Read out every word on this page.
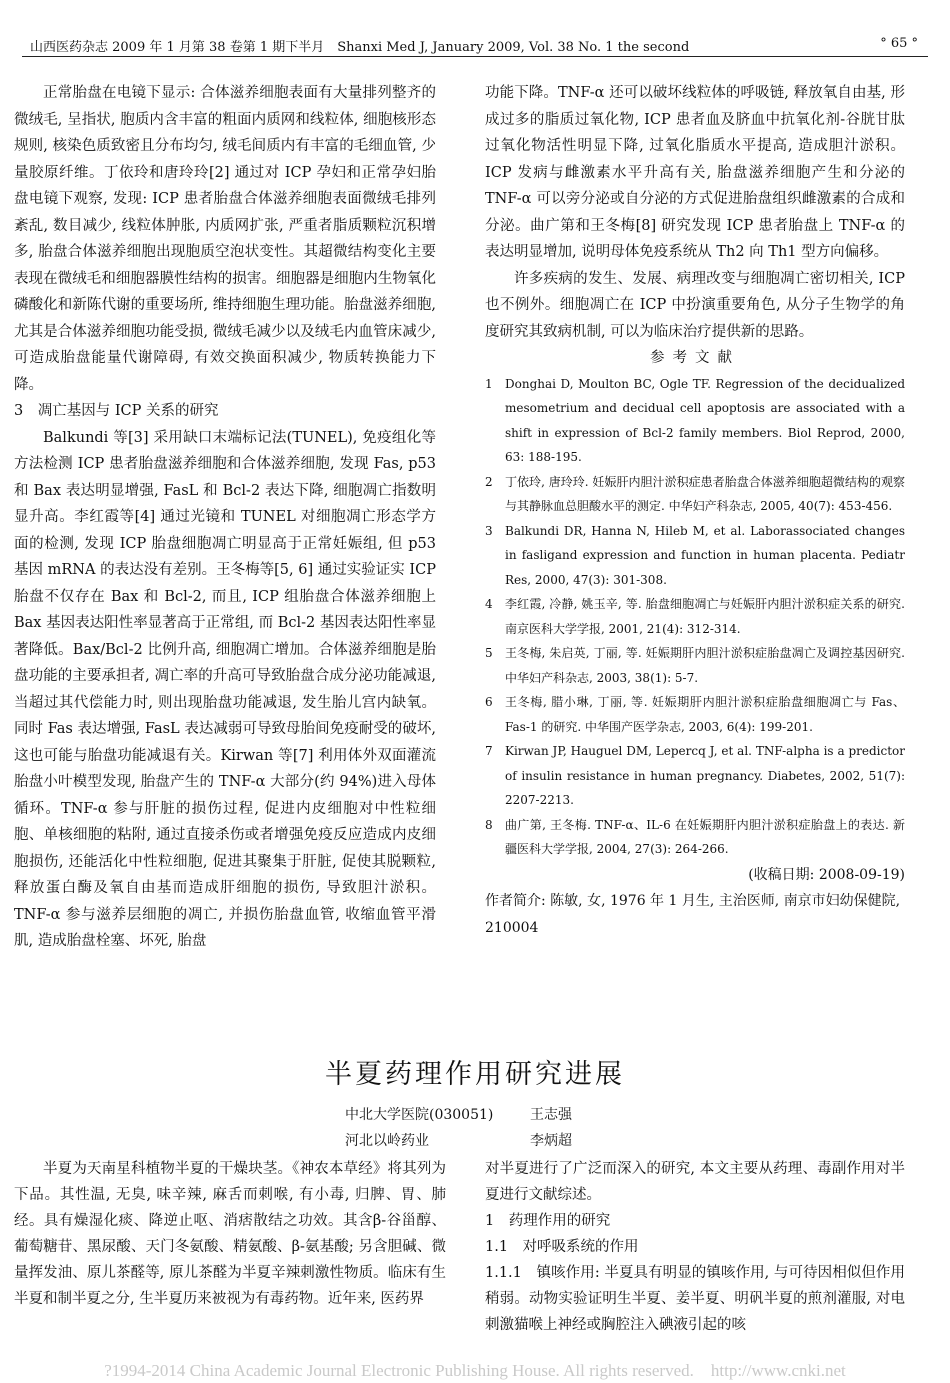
山西医药杂志 2009 年 1 月第 38 卷第 1 期下半月　Shanxi Med J, January 2009, Vol. 38 No. 1 the second	° 65 °

正常胎盘在电镜下显示: 合体滋养细胞表面有大量排列整齐的微绒毛, 呈指状, 胞质内含丰富的粗面内质网和线粒体, 细胞核形态规则, 核染色质致密且分布均匀, 绒毛间质内有丰富的毛细血管, 少量胶原纤维。丁依玲和唐玲玲[2] 通过对 ICP 孕妇和正常孕妇胎盘电镜下观察, 发现: ICP 患者胎盘合体滋养细胞表面微绒毛排列紊乱, 数目减少, 线粒体肿胀, 内质网扩张, 严重者脂质颗粒沉积增多, 胎盘合体滋养细胞出现胞质空泡状变性。其超微结构变化主要表现在微绒毛和细胞器膜性结构的损害。细胞器是细胞内生物氧化磷酸化和新陈代谢的重要场所, 维持细胞生理功能。胎盘滋养细胞, 尤其是合体滋养细胞功能受损, 微绒毛减少以及绒毛内血管床减少, 可造成胎盘能量代谢障碍, 有效交换面积减少, 物质转换能力下降。

3　凋亡基因与 ICP 关系的研究

Balkundi 等[3] 采用缺口末端标记法(TUNEL), 免疫组化等方法检测 ICP 患者胎盘滋养细胞和合体滋养细胞, 发现 Fas, p53 和 Bax 表达明显增强, FasL 和 Bcl-2 表达下降, 细胞凋亡指数明显升高。李红霞等[4] 通过光镜和 TUNEL 对细胞凋亡形态学方面的检测, 发现 ICP 胎盘细胞凋亡明显高于正常妊娠组, 但 p53 基因 mRNA 的表达没有差别。王冬梅等[5, 6] 通过实验证实 ICP 胎盘不仅存在 Bax 和 Bcl-2, 而且, ICP 组胎盘合体滋养细胞上 Bax 基因表达阳性率显著高于正常组, 而 Bcl-2 基因表达阳性率显著降低。Bax/Bcl-2 比例升高, 细胞凋亡增加。合体滋养细胞是胎盘功能的主要承担者, 凋亡率的升高可导致胎盘合成分泌功能减退, 当超过其代偿能力时, 则出现胎盘功能减退, 发生胎儿宫内缺氧。同时 Fas 表达增强, FasL 表达减弱可导致母胎间免疫耐受的破坏, 这也可能与胎盘功能减退有关。Kirwan 等[7] 利用体外双面灌流胎盘小叶模型发现, 胎盘产生的 TNF-α 大部分(约 94%)进入母体循环。TNF-α 参与肝脏的损伤过程, 促进内皮细胞对中性粒细胞、单核细胞的粘附, 通过直接杀伤或者增强免疫反应造成内皮细胞损伤, 还能活化中性粒细胞, 促进其聚集于肝脏, 促使其脱颗粒, 释放蛋白酶及氧自由基而造成肝细胞的损伤, 导致胆汁淤积。TNF-α 参与滋养层细胞的凋亡, 并损伤胎盘血管, 收缩血管平滑肌, 造成胎盘栓塞、坏死, 胎盘

功能下降。TNF-α 还可以破坏线粒体的呼吸链, 释放氧自由基, 形成过多的脂质过氧化物, ICP 患者血及脐血中抗氧化剂-谷胱甘肽过氧化物活性明显下降, 过氧化脂质水平提高, 造成胆汁淤积。ICP 发病与雌激素水平升高有关, 胎盘滋养细胞产生和分泌的 TNF-α 可以旁分泌或自分泌的方式促进胎盘组织雌激素的合成和分泌。曲广第和王冬梅[8] 研究发现 ICP 患者胎盘上 TNF-α 的表达明显增加, 说明母体免疫系统从 Th2 向 Th1 型方向偏移。

许多疾病的发生、发展、病理改变与细胞凋亡密切相关, ICP 也不例外。细胞凋亡在 ICP 中扮演重要角色, 从分子生物学的角度研究其致病机制, 可以为临床治疗提供新的思路。

参考文献
1 Donghai D, Moulton BC, Ogle TF. Regression of the decidualized mesometrium and decidual cell apoptosis are associated with a shift in expression of Bcl-2 family members. Biol Reprod, 2000, 63: 188-195.
2 丁依玲, 唐玲玲. 妊娠肝内胆汁淤积症患者胎盘合体滋养细胞超微结构的观察与其静脉血总胆酸水平的测定. 中华妇产科杂志, 2005, 40(7): 453-456.
3 Balkundi DR, Hanna N, Hileb M, et al. Laborassociated changes in fasligand expression and function in human placenta. Pediatr Res, 2000, 47(3): 301-308.
4 李红霞, 冷静, 姚玉辛, 等. 胎盘细胞凋亡与妊娠肝内胆汁淤积症关系的研究. 南京医科大学学报, 2001, 21(4): 312-314.
5 王冬梅, 朱启英, 丁丽, 等. 妊娠期肝内胆汁淤积症胎盘凋亡及调控基因研究. 中华妇产科杂志, 2003, 38(1): 5-7.
6 王冬梅, 腊小琳, 丁丽, 等. 妊娠期肝内胆汁淤积症胎盘细胞凋亡与 Fas、Fas-1 的研究. 中华围产医学杂志, 2003, 6(4): 199-201.
7 Kirwan JP, Hauguel DM, Lepercq J, et al. TNF-alpha is a predictor of insulin resistance in human pregnancy. Diabetes, 2002, 51(7): 2207-2213.
8 曲广第, 王冬梅. TNF-α、IL-6 在妊娠期肝内胆汁淤积症胎盘上的表达. 新疆医科大学学报, 2004, 27(3): 264-266.
(收稿日期: 2008-09-19)
作者简介: 陈敏, 女, 1976 年 1 月生, 主治医师, 南京市妇幼保健院, 210004
半夏药理作用研究进展
中北大学医院(030051)	王志强
河北以岭药业	李炳超

半夏为天南星科植物半夏的干燥块茎。《神农本草经》将其列为下品。其性温, 无臭, 味辛辣, 麻舌而刺喉, 有小毒, 归脾、胃、肺经。具有燥湿化痰、降逆止呕、消痞散结之功效。其含β-谷甾醇、葡萄糖苷、黑尿酸、天门冬氨酸、精氨酸、β-氨基酸; 另含胆碱、微量挥发油、原儿茶醛等, 原儿茶醛为半夏辛辣刺激性物质。临床有生半夏和制半夏之分, 生半夏历来被视为有毒药物。近年来, 医药界

对半夏进行了广泛而深入的研究, 本文主要从药理、毒副作用对半夏进行文献综述。

1　药理作用的研究
1.1　对呼吸系统的作用

1.1.1　镇咳作用: 半夏具有明显的镇咳作用, 与可待因相似但作用稍弱。动物实验证明生半夏、姜半夏、明矾半夏的煎剂灌服, 对电刺激猫喉上神经或胸腔注入碘液引起的咳

?1994-2014 China Academic Journal Electronic Publishing House. All rights reserved.　http://www.cnki.net
